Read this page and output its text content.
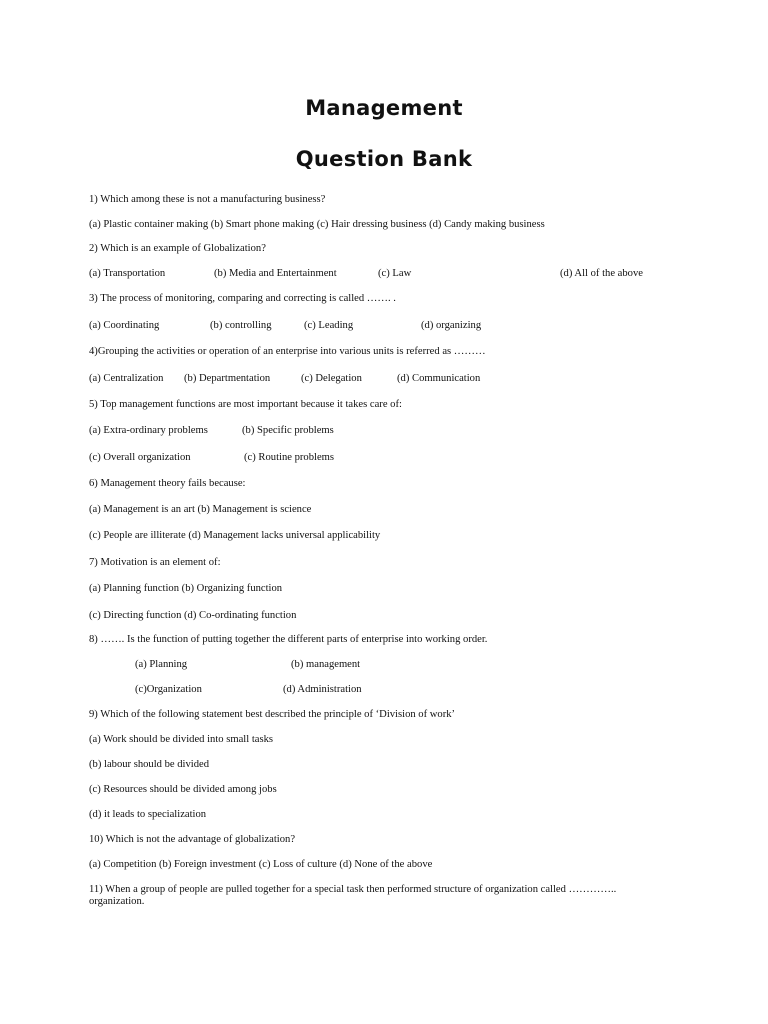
Management
Question Bank
1) Which among these is not a manufacturing business?
(a) Plastic container making (b) Smart phone making (c) Hair dressing business (d) Candy making business
2) Which is an example of Globalization?
(a) Transportation	(b) Media and Entertainment	(c) Law	(d) All of the above
3) The process of monitoring, comparing and correcting is called ……. .
(a) Coordinating	(b) controlling	(c) Leading	(d) organizing
4)Grouping the activities or operation of an enterprise into various units is referred as ………
(a) Centralization (b) Departmentation	(c) Delegation	(d) Communication
5) Top management functions are most important because it takes care of:
(a) Extra-ordinary problems	(b) Specific problems
(c) Overall organization	(c) Routine problems
6) Management theory fails because:
(a) Management is an art (b) Management is science
(c) People are illiterate (d) Management lacks universal applicability
7) Motivation is an element of:
(a) Planning function (b) Organizing function
(c) Directing function (d) Co-ordinating function
8) ……. Is the function of putting together the different parts of enterprise into working order.
(a) Planning	(b) management
(c)Organization	(d) Administration
9) Which of the following statement best described the principle of ‘Division of work’
(a) Work should be divided into small tasks
(b) labour should be divided
(c) Resources should be divided among jobs
(d) it leads to specialization
10) Which is not the advantage of globalization?
(a) Competition (b) Foreign investment (c) Loss of culture (d) None of the above
11) When a group of people are pulled together for a special task then performed structure of organization called ………….. organization.
